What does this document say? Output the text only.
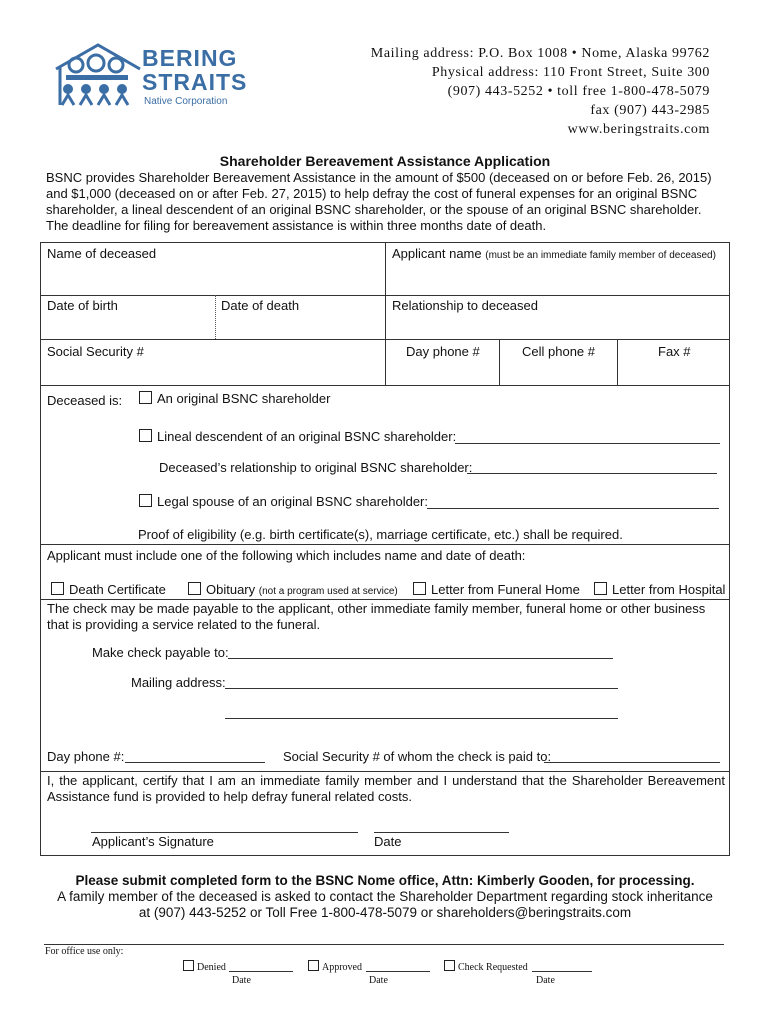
BERING
STRAITS
Native Corporation
Mailing address: P.O. Box 1008 • Nome, Alaska 99762
Physical address: 110 Front Street, Suite 300
(907) 443-5252 • toll free 1-800-478-5079
fax (907) 443-2985
www.beringstraits.com
Shareholder Bereavement Assistance Application
BSNC provides Shareholder Bereavement Assistance in the amount of $500 (deceased on or before Feb. 26, 2015) and $1,000 (deceased on or after Feb. 27, 2015) to help defray the cost of funeral expenses for an original BSNC shareholder, a lineal descendent of an original BSNC shareholder, or the spouse of an original BSNC shareholder. The deadline for filing for bereavement assistance is within three months date of death.
Name of deceased	Applicant name (must be an immediate family member of deceased)
Date of birth	Date of death	Relationship to deceased
Social Security #	Day phone #	Cell phone #	Fax #
Deceased is:	An original BSNC shareholder
Lineal descendent of an original BSNC shareholder:
Deceased’s relationship to original BSNC shareholder:
Legal spouse of an original BSNC shareholder:
Proof of eligibility (e.g. birth certificate(s), marriage certificate, etc.) shall be required.
Applicant must include one of the following which includes name and date of death:
Death Certificate	Obituary (not a program used at service)	Letter from Funeral Home	Letter from Hospital
The check may be made payable to the applicant, other immediate family member, funeral home or other business that is providing a service related to the funeral.
Make check payable to:
Mailing address:
Day phone #:	Social Security # of whom the check is paid to:
I, the applicant, certify that I am an immediate family member and I understand that the Shareholder Bereavement Assistance fund is provided to help defray funeral related costs.
Applicant’s Signature	Date
Please submit completed form to the BSNC Nome office, Attn: Kimberly Gooden, for processing.
A family member of the deceased is asked to contact the Shareholder Department regarding stock inheritance
at (907) 443-5252 or Toll Free 1-800-478-5079 or shareholders@beringstraits.com
For office use only:
Denied
Date
Approved
Date
Check Requested
Date
